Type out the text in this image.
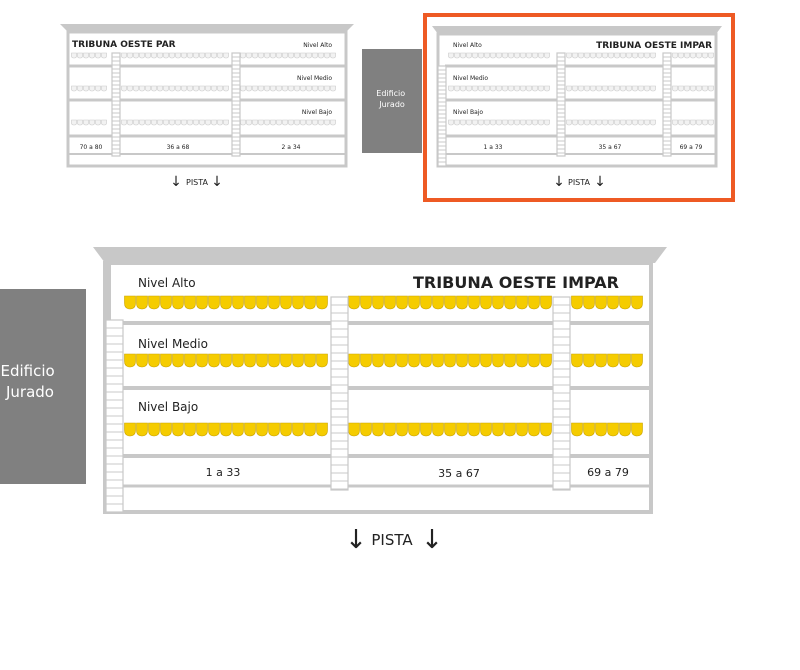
TRIBUNA OESTE PAR	Nivel Alto
Nivel Medio
Nivel Bajo
70 a 80	36 a 68	2 a 34
↓ PISTA ↓
Edificio Jurado
Nivel Alto	TRIBUNA OESTE IMPAR
Nivel Medio
Nivel Bajo
1 a 33	35 a 67	69 a 79
↓ PISTA ↓
Edificio Jurado
Nivel Alto	TRIBUNA OESTE IMPAR
Nivel Medio
Nivel Bajo
1 a 33	35 a 67	69 a 79
↓ PISTA ↓
